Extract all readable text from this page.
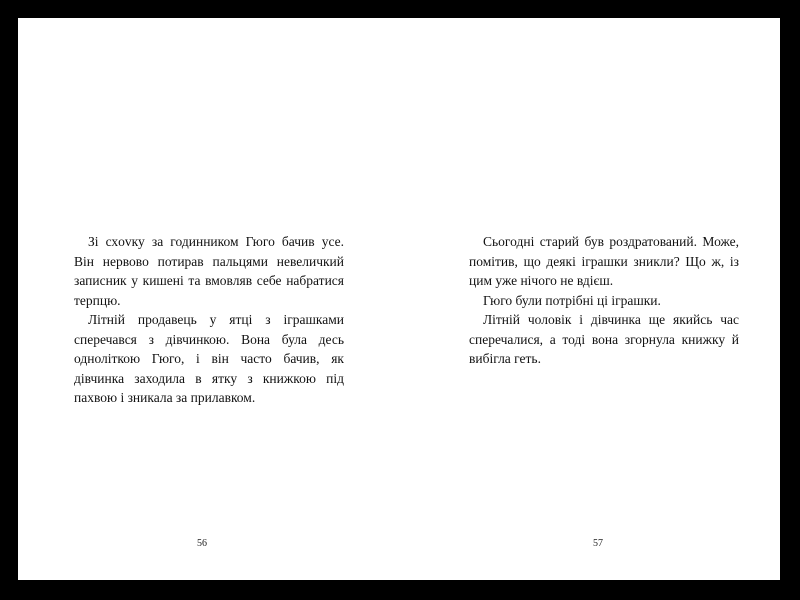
Зі схovку за годинником Гюго бачив усе. Він нервово потирав пальцями невеличкий записник у кишені та вмовляв себе набратися терпцю.

Літній продавець у ятці з іграшками сперечався з дівчинкою. Вона була десь одноліткою Гюго, і він часто бачив, як дівчинка заходила в ятку з книжкою під пахвою і зникала за прилавком.

Сьогодні старий був роздратований. Може, помітив, що деякі іграшки зникли? Що ж, із цим уже нічого не вдієш.

Гюго були потрібні ці іграшки.

Літній чоловік і дівчинка ще якийсь час сперечалися, а тоді вона згорнула книжку й вибігла геть.

56	57
